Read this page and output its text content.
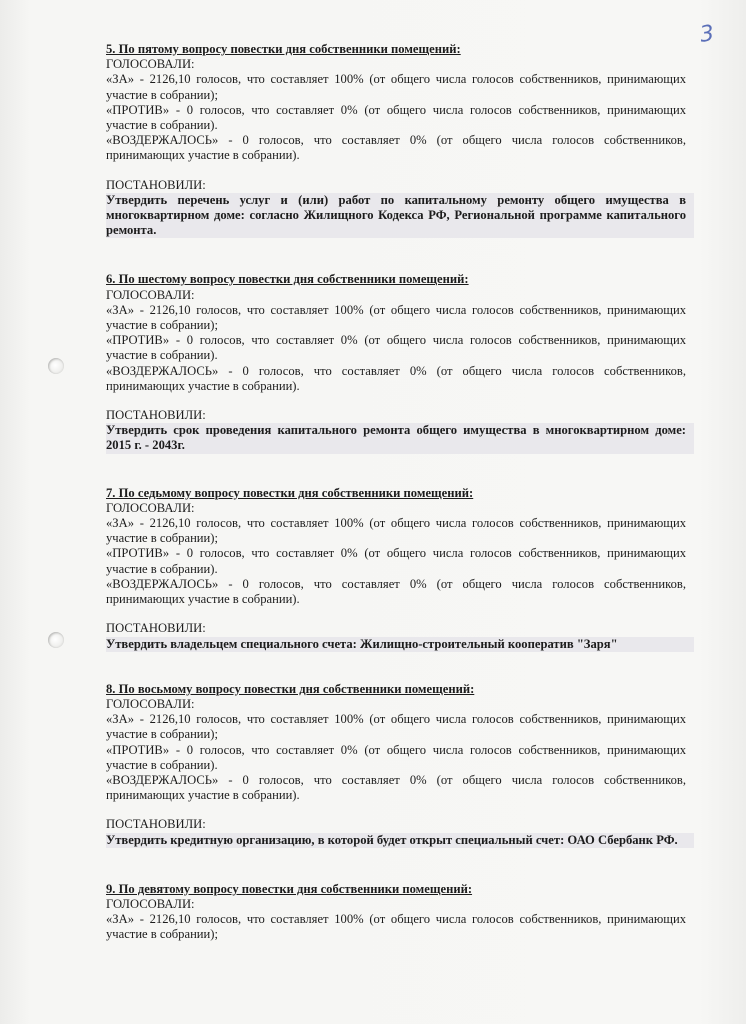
3
5. По пятому вопросу повестки дня собственники помещений:
ГОЛОСОВАЛИ:
«ЗА» - 2126,10 голосов, что составляет 100% (от общего числа голосов собственников, принимающих участие в собрании);
«ПРОТИВ» - 0 голосов, что составляет 0% (от общего числа голосов собственников, принимающих участие в собрании).
«ВОЗДЕРЖАЛОСЬ» - 0 голосов, что составляет 0% (от общего числа голосов собственников, принимающих участие в собрании).
ПОСТАНОВИЛИ:
Утвердить перечень услуг и (или) работ по капитальному ремонту общего имущества в многоквартирном доме: согласно Жилищного Кодекса РФ, Региональной программе капитального ремонта.
6. По шестому вопросу повестки дня собственники помещений:
ГОЛОСОВАЛИ:
«ЗА» - 2126,10 голосов, что составляет 100% (от общего числа голосов собственников, принимающих участие в собрании);
«ПРОТИВ» - 0 голосов, что составляет 0% (от общего числа голосов собственников, принимающих участие в собрании).
«ВОЗДЕРЖАЛОСЬ» - 0 голосов, что составляет 0% (от общего числа голосов собственников, принимающих участие в собрании).
ПОСТАНОВИЛИ:
Утвердить срок проведения капитального ремонта общего имущества в многоквартирном доме: 2015 г. - 2043г.
7. По седьмому вопросу повестки дня собственники помещений:
ГОЛОСОВАЛИ:
«ЗА» - 2126,10 голосов, что составляет 100% (от общего числа голосов собственников, принимающих участие в собрании);
«ПРОТИВ» - 0 голосов, что составляет 0% (от общего числа голосов собственников, принимающих участие в собрании).
«ВОЗДЕРЖАЛОСЬ» - 0 голосов, что составляет 0% (от общего числа голосов собственников, принимающих участие в собрании).
ПОСТАНОВИЛИ:
Утвердить владельцем специального счета: Жилищно-строительный кооператив "Заря"
8. По восьмому вопросу повестки дня собственники помещений:
ГОЛОСОВАЛИ:
«ЗА» - 2126,10 голосов, что составляет 100% (от общего числа голосов собственников, принимающих участие в собрании);
«ПРОТИВ» - 0 голосов, что составляет 0% (от общего числа голосов собственников, принимающих участие в собрании).
«ВОЗДЕРЖАЛОСЬ» - 0 голосов, что составляет 0% (от общего числа голосов собственников, принимающих участие в собрании).
ПОСТАНОВИЛИ:
Утвердить кредитную организацию, в которой будет открыт специальный счет: ОАО Сбербанк РФ.
9. По девятому вопросу повестки дня собственники помещений:
ГОЛОСОВАЛИ:
«ЗА» - 2126,10 голосов, что составляет 100% (от общего числа голосов собственников, принимающих участие в собрании);
